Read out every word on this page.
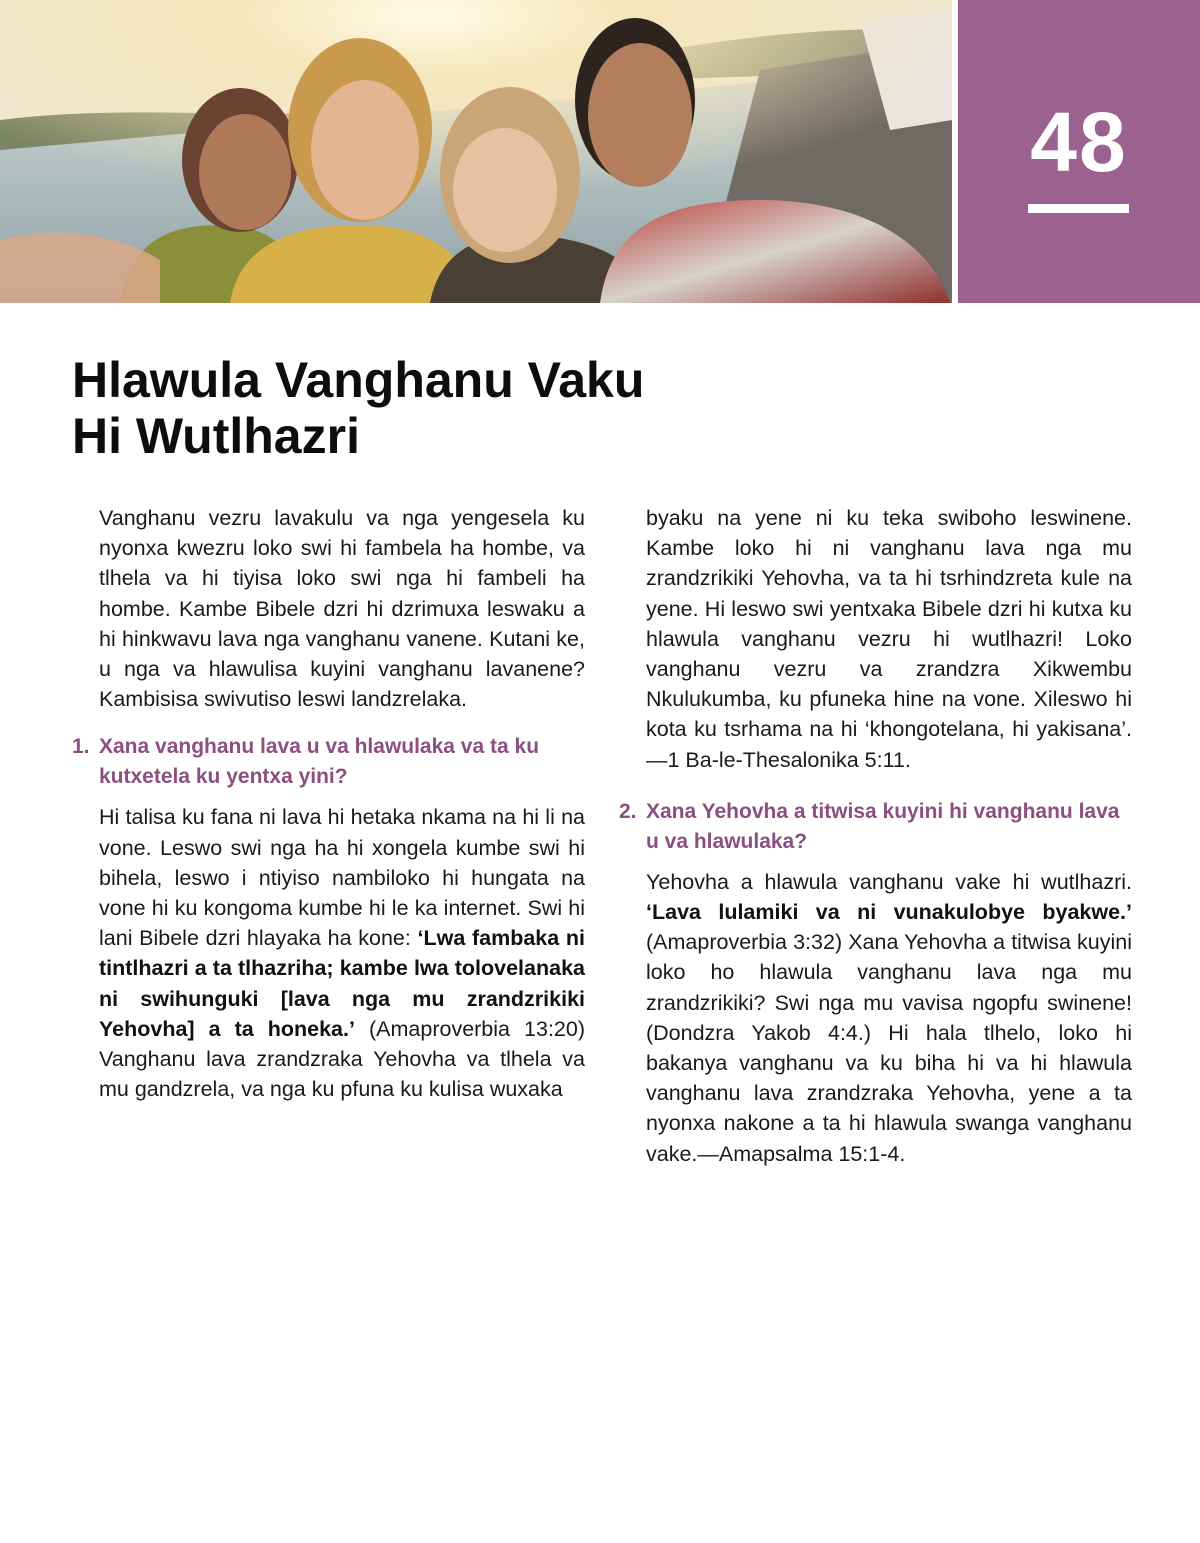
48
Hlawula Vanghanu Vaku
Hi Wutlhazri

Vanghanu vezru lavakulu va nga yengesela ku nyonxa kwezru loko swi hi fambela ha hombe, va tlhela va hi tiyisa loko swi nga hi fambeli ha hombe. Kambe Bibele dzri hi dzrimuxa leswaku a hi hinkwavu lava nga vanghanu vanene. Kutani ke, u nga va hlawulisa kuyini vanghanu lavanene? Kambisisa swivutiso leswi landzrelaka.

1. Xana vanghanu lava u va hlawulaka va ta ku kutxetela ku yentxa yini?

Hi talisa ku fana ni lava hi hetaka nkama na hi li na vone. Leswo swi nga ha hi xongela kumbe swi hi bihela, leswo i ntiyiso nambiloko hi hungata na vone hi ku kongoma kumbe hi le ka internet. Swi hi lani Bibele dzri hlayaka ha kone: ‘Lwa fambaka ni tintlhazri a ta tlhazriha; kambe lwa tolovelanaka ni swihunguki [lava nga mu zrandzrikiki Yehovha] a ta honeka.’ (Amaproverbia 13:20) Vanghanu lava zrandzraka Yehovha va tlhela va mu gandzrela, va nga ku pfuna ku kulisa wuxaka

byaku na yene ni ku teka swiboho leswinene. Kambe loko hi ni vanghanu lava nga mu zrandzrikiki Yehovha, va ta hi tsrhindzreta kule na yene. Hi leswo swi yentxaka Bibele dzri hi kutxa ku hlawula vanghanu vezru hi wutlhazri! Loko vanghanu vezru va zrandzra Xikwembu Nkulukumba, ku pfuneka hine na vone. Xileswo hi kota ku tsrhama na hi ‘khongotelana, hi yakisana’.—1 Ba-le-Thesalonika 5:11.

2. Xana Yehovha a titwisa kuyini hi vanghanu lava u va hlawulaka?

Yehovha a hlawula vanghanu vake hi wutlhazri. ‘Lava lulamiki va ni vunakulobye byakwe.’ (Amaproverbia 3:32) Xana Yehovha a titwisa kuyini loko ho hlawula vanghanu lava nga mu zrandzrikiki? Swi nga mu vavisa ngopfu swinene! (Dondzra Yakob 4:4.) Hi hala tlhelo, loko hi bakanya vanghanu va ku biha hi va hi hlawula vanghanu lava zrandzraka Yehovha, yene a ta nyonxa nakone a ta hi hlawula swanga vanghanu vake.—Amapsalma 15:1-4.
